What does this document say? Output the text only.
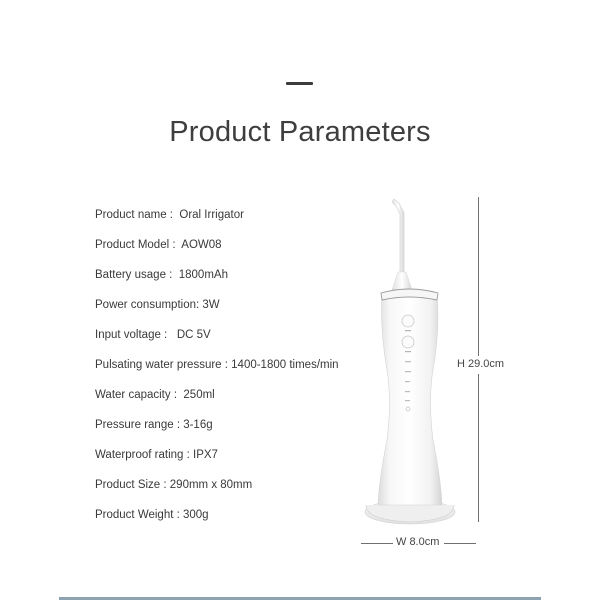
Product Parameters
Product name :  Oral Irrigator
Product Model :  AOW08
Battery usage :  1800mAh
Power consumption: 3W
Input voltage :   DC 5V
Pulsating water pressure : 1400-1800 times/min
Water capacity :  250ml
Pressure range : 3-16g
Waterproof rating : IPX7
Product Size : 290mm x 80mm
Product Weight : 300g
H 29.0cm
W 8.0cm
